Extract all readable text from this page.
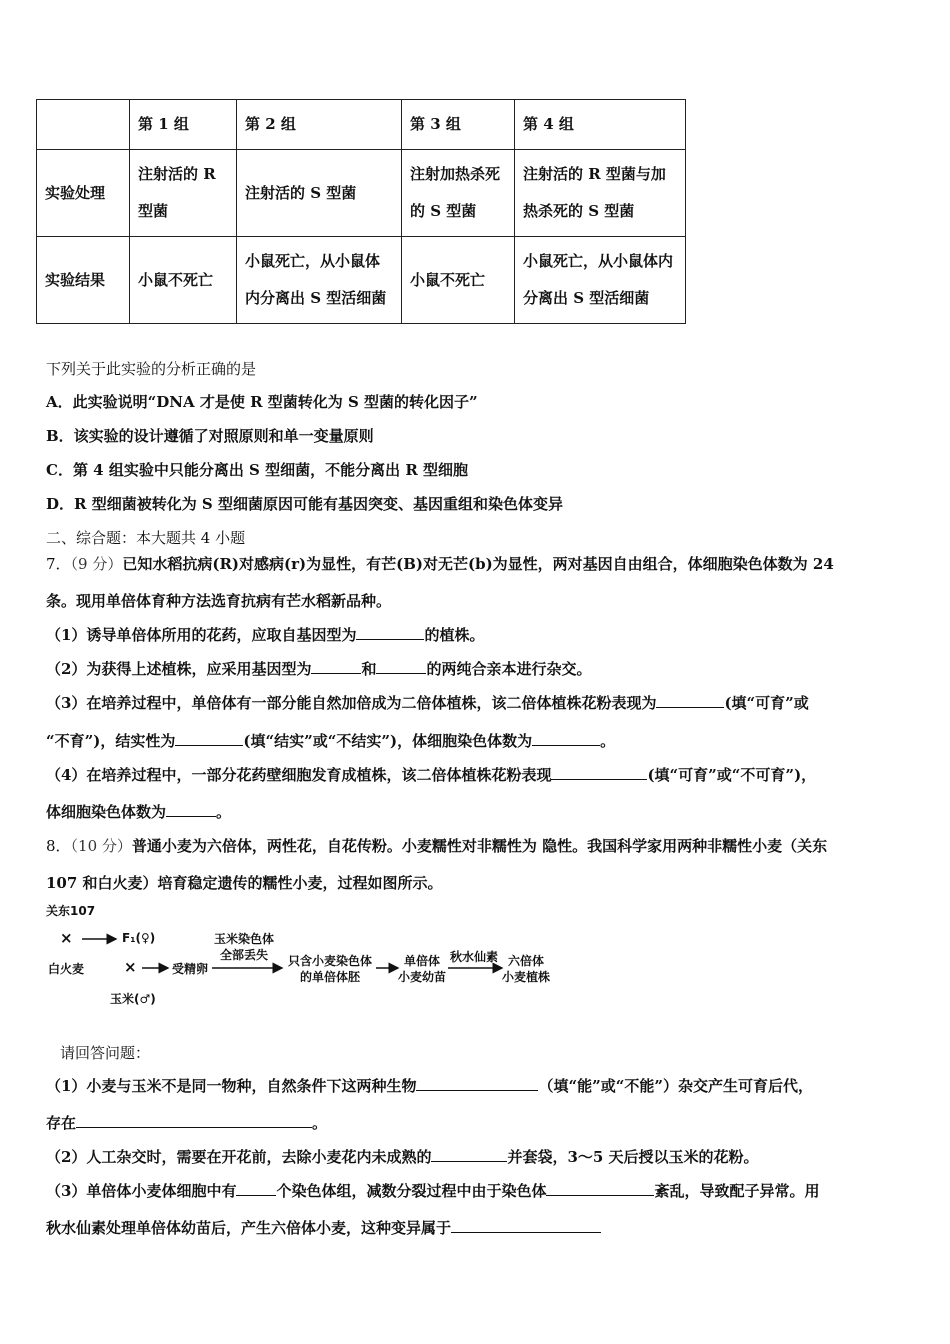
	第 1 组	第 2 组	第 3 组	第 4 组
实验处理	注射活的 R 型菌	注射活的 S 型菌	注射加热杀死的 S 型菌	注射活的 R 型菌与加热杀死的 S 型菌
实验结果	小鼠不死亡	小鼠死亡，从小鼠体内分离出 S 型活细菌	小鼠不死亡	小鼠死亡，从小鼠体内分离出 S 型活细菌
下列关于此实验的分析正确的是
A．此实验说明“DNA 才是使 R 型菌转化为 S 型菌的转化因子”
B．该实验的设计遵循了对照原则和单一变量原则
C．第 4 组实验中只能分离出 S 型细菌，不能分离出 R 型细胞
D．R 型细菌被转化为 S 型细菌原因可能有基因突变、基因重组和染色体变异
二、综合题：本大题共 4 小题
7．（9 分）已知水稻抗病(R)对感病(r)为显性，有芒(B)对无芒(b)为显性，两对基因自由组合，体细胞染色体数为 24
条。现用单倍体育种方法选育抗病有芒水稻新品种。
（1）诱导单倍体所用的花药，应取自基因型为	的植株。
（2）为获得上述植株，应采用基因型为	和	的两纯合亲本进行杂交。
（3）在培养过程中，单倍体有一部分能自然加倍成为二倍体植株，该二倍体植株花粉表现为	(填“可育”或
“不育”)，结实性为	(填“结实”或“不结实”)，体细胞染色体数为	。
（4）在培养过程中，一部分花药壁细胞发育成植株，该二倍体植株花粉表现	(填“可育”或“不可育”)，
体细胞染色体数为	。
8．（10 分）普通小麦为六倍体，两性花，自花传粉。小麦糯性对非糯性为 隐性。我国科学家用两种非糯性小麦（关东
107 和白火麦）培育稳定遗传的糯性小麦，过程如图所示。
关东107
×	F₁(♀)
白火麦	×	受精卵
玉米(♂)
玉米染色体
全部丢失 只含小麦染色体
的单倍体胚
单倍体
小麦幼苗
秋水仙素 六倍体
小麦植株
请回答问题：
（1）小麦与玉米不是同一物种，自然条件下这两种生物	（填“能”或“不能”）杂交产生可育后代，
存在	。
（2）人工杂交时，需要在开花前，去除小麦花内未成熟的	并套袋，3～5 天后授以玉米的花粉。
（3）单倍体小麦体细胞中有	个染色体组，减数分裂过程中由于染色体	紊乱，导致配子异常。用
秋水仙素处理单倍体幼苗后，产生六倍体小麦，这种变异属于
